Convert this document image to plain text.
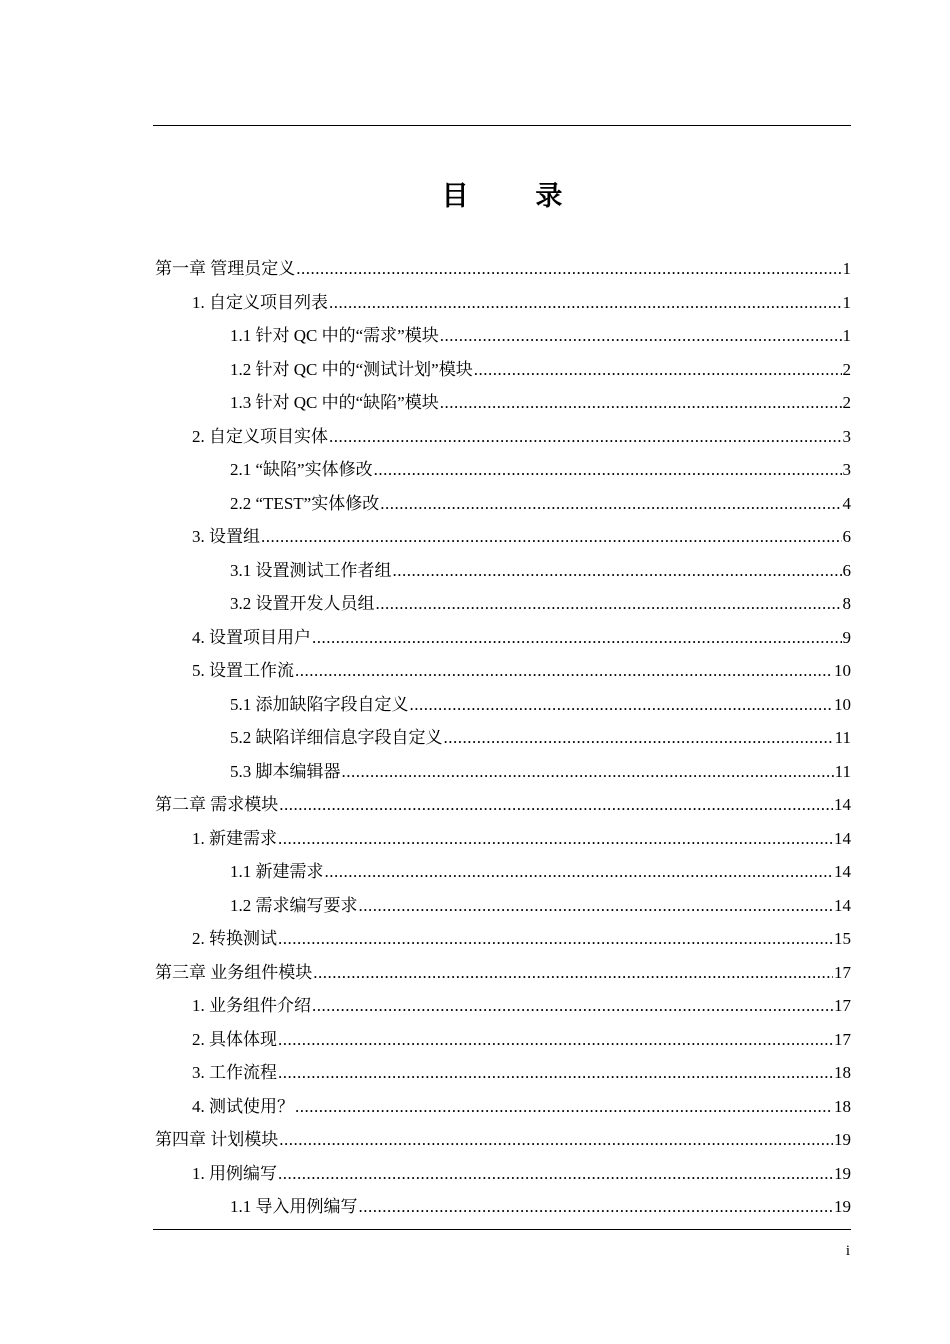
目 录
第一章 管理员定义 .....	1
1. 自定义项目列表 .....	1
1.1 针对 QC 中的“需求”模块 .....	1
1.2 针对 QC 中的“测试计划”模块 .....	2
1.3 针对 QC 中的“缺陷”模块 .....	2
2. 自定义项目实体 .....	3
2.1 “缺陷”实体修改 .....	3
2.2 “TEST”实体修改 .....	4
3. 设置组 .....	6
3.1 设置测试工作者组 .....	6
3.2 设置开发人员组 .....	8
4. 设置项目用户 .....	9
5. 设置工作流 .....	10
5.1 添加缺陷字段自定义 .....	10
5.2 缺陷详细信息字段自定义 .....	11
5.3 脚本编辑器 .....	11
第二章 需求模块 .....	14
1. 新建需求 .....	14
1.1 新建需求 .....	14
1.2 需求编写要求 .....	14
2. 转换测试 .....	15
第三章 业务组件模块 .....	17
1. 业务组件介绍 .....	17
2. 具体体现 .....	17
3. 工作流程 .....	18
4. 测试使用？ .....	18
第四章 计划模块 .....	19
1. 用例编写 .....	19
1.1 导入用例编写 .....	19
i
